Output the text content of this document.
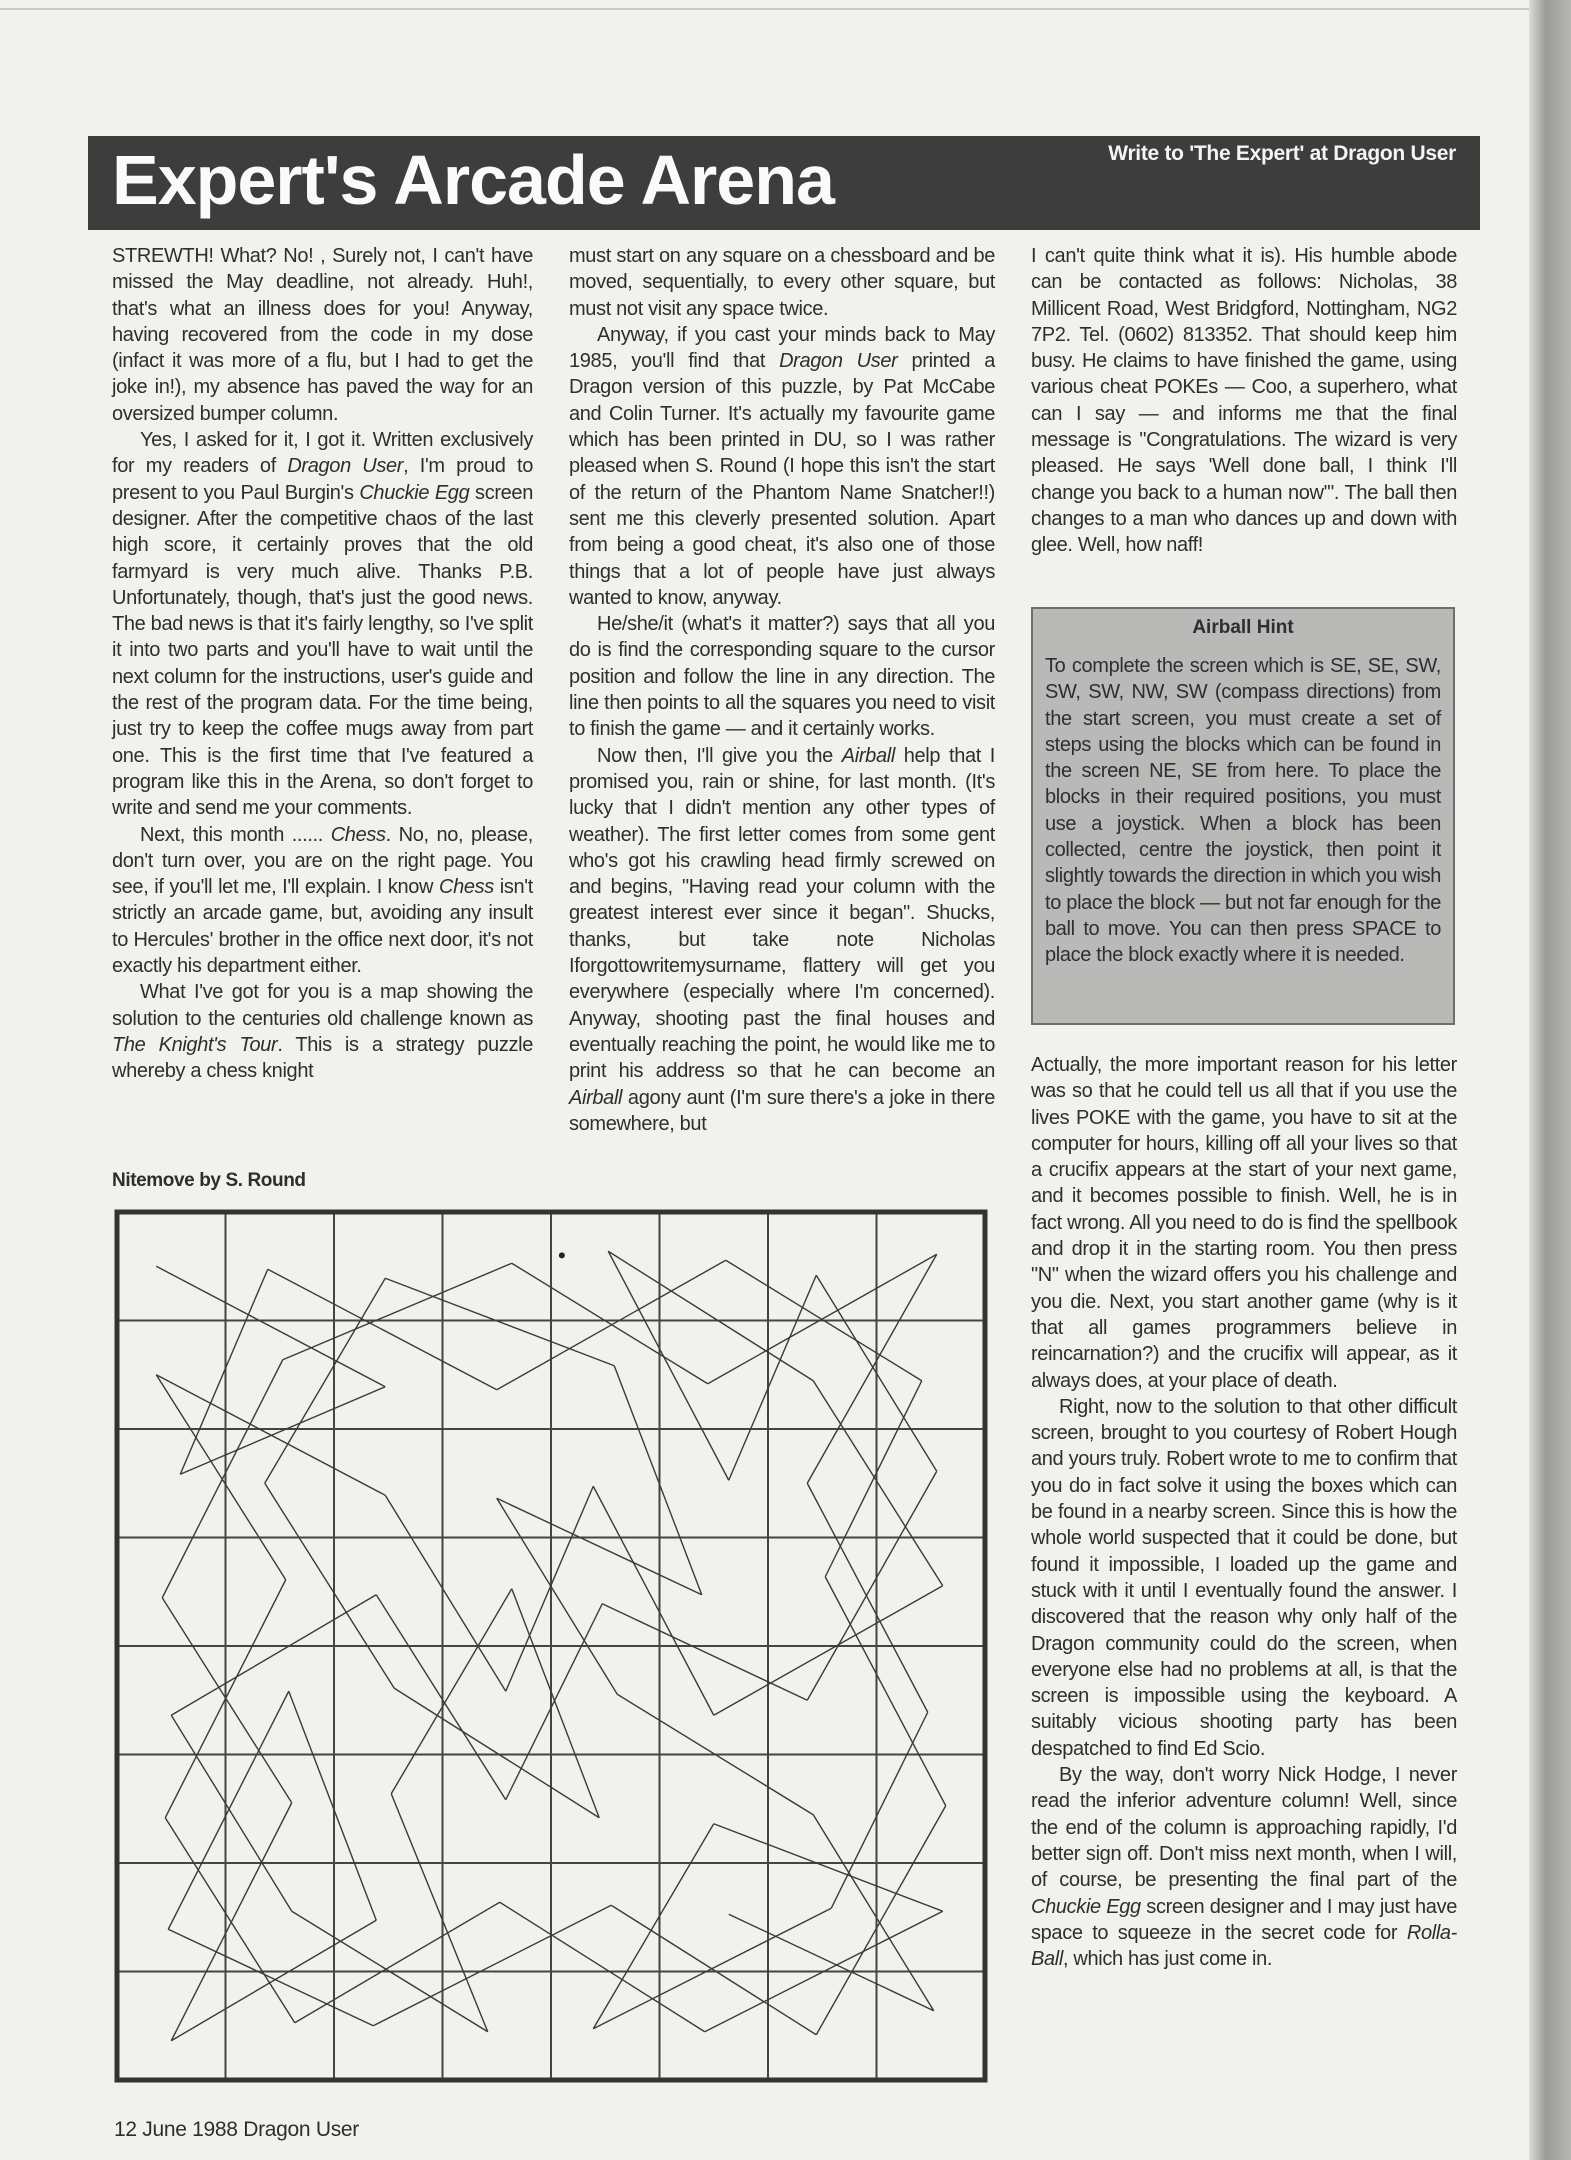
Expert's Arcade Arena	Write to 'The Expert' at Dragon User

STREWTH! What? No! , Surely not, I can't have missed the May deadline, not already. Huh!, that's what an illness does for you! Anyway, having recovered from the code in my dose (infact it was more of a flu, but I had to get the joke in!), my absence has paved the way for an oversized bumper column.

Yes, I asked for it, I got it. Written exclusively for my readers of Dragon User, I'm proud to present to you Paul Burgin's Chuckie Egg screen designer. After the competitive chaos of the last high score, it certainly proves that the old farmyard is very much alive. Thanks P.B. Unfortunately, though, that's just the good news. The bad news is that it's fairly lengthy, so I've split it into two parts and you'll have to wait until the next column for the instructions, user's guide and the rest of the program data. For the time being, just try to keep the coffee mugs away from part one. This is the first time that I've featured a program like this in the Arena, so don't forget to write and send me your comments.

Next, this month ...... Chess. No, no, please, don't turn over, you are on the right page. You see, if you'll let me, I'll explain. I know Chess isn't strictly an arcade game, but, avoiding any insult to Hercules' brother in the office next door, it's not exactly his department either.

What I've got for you is a map showing the solution to the centuries old challenge known as The Knight's Tour. This is a strategy puzzle whereby a chess knight

Nitemove by S. Round

must start on any square on a chessboard and be moved, sequentially, to every other square, but must not visit any space twice.

Anyway, if you cast your minds back to May 1985, you'll find that Dragon User printed a Dragon version of this puzzle, by Pat McCabe and Colin Turner. It's actually my favourite game which has been printed in DU, so I was rather pleased when S. Round (I hope this isn't the start of the return of the Phantom Name Snatcher!!) sent me this cleverly presented solution. Apart from being a good cheat, it's also one of those things that a lot of people have just always wanted to know, anyway.

He/she/it (what's it matter?) says that all you do is find the corresponding square to the cursor position and follow the line in any direction. The line then points to all the squares you need to visit to finish the game — and it certainly works.

Now then, I'll give you the Airball help that I promised you, rain or shine, for last month. (It's lucky that I didn't mention any other types of weather). The first letter comes from some gent who's got his crawling head firmly screwed on and begins, "Having read your column with the greatest interest ever since it began". Shucks, thanks, but take note Nicholas Iforgottowritemysurname, flattery will get you everywhere (especially where I'm concerned). Anyway, shooting past the final houses and eventually reaching the point, he would like me to print his address so that he can become an Airball agony aunt (I'm sure there's a joke in there somewhere, but

I can't quite think what it is). His humble abode can be contacted as follows: Nicholas, 38 Millicent Road, West Bridgford, Nottingham, NG2 7P2. Tel. (0602) 813352. That should keep him busy. He claims to have finished the game, using various cheat POKEs — Coo, a superhero, what can I say — and informs me that the final message is "Congratulations. The wizard is very pleased. He says 'Well done ball, I think I'll change you back to a human now'". The ball then changes to a man who dances up and down with glee. Well, how naff!

Airball Hint
To complete the screen which is SE, SE, SW, SW, SW, NW, SW (compass directions) from the start screen, you must create a set of steps using the blocks which can be found in the screen NE, SE from here. To place the blocks in their required positions, you must use a joystick. When a block has been collected, centre the joystick, then point it slightly towards the direction in which you wish to place the block — but not far enough for the ball to move. You can then press SPACE to place the block exactly where it is needed.

Actually, the more important reason for his letter was so that he could tell us all that if you use the lives POKE with the game, you have to sit at the computer for hours, killing off all your lives so that a crucifix appears at the start of your next game, and it becomes possible to finish. Well, he is in fact wrong. All you need to do is find the spellbook and drop it in the starting room. You then press "N" when the wizard offers you his challenge and you die. Next, you start another game (why is it that all games programmers believe in reincarnation?) and the crucifix will appear, as it always does, at your place of death.

Right, now to the solution to that other difficult screen, brought to you courtesy of Robert Hough and yours truly. Robert wrote to me to confirm that you do in fact solve it using the boxes which can be found in a nearby screen. Since this is how the whole world suspected that it could be done, but found it impossible, I loaded up the game and stuck with it until I eventually found the answer. I discovered that the reason why only half of the Dragon community could do the screen, when everyone else had no problems at all, is that the screen is impossible using the keyboard. A suitably vicious shooting party has been despatched to find Ed Scio.

By the way, don't worry Nick Hodge, I never read the inferior adventure column! Well, since the end of the column is approaching rapidly, I'd better sign off. Don't miss next month, when I will, of course, be presenting the final part of the Chuckie Egg screen designer and I may just have space to squeeze in the secret code for Rolla-Ball, which has just come in.

12 June 1988 Dragon User
